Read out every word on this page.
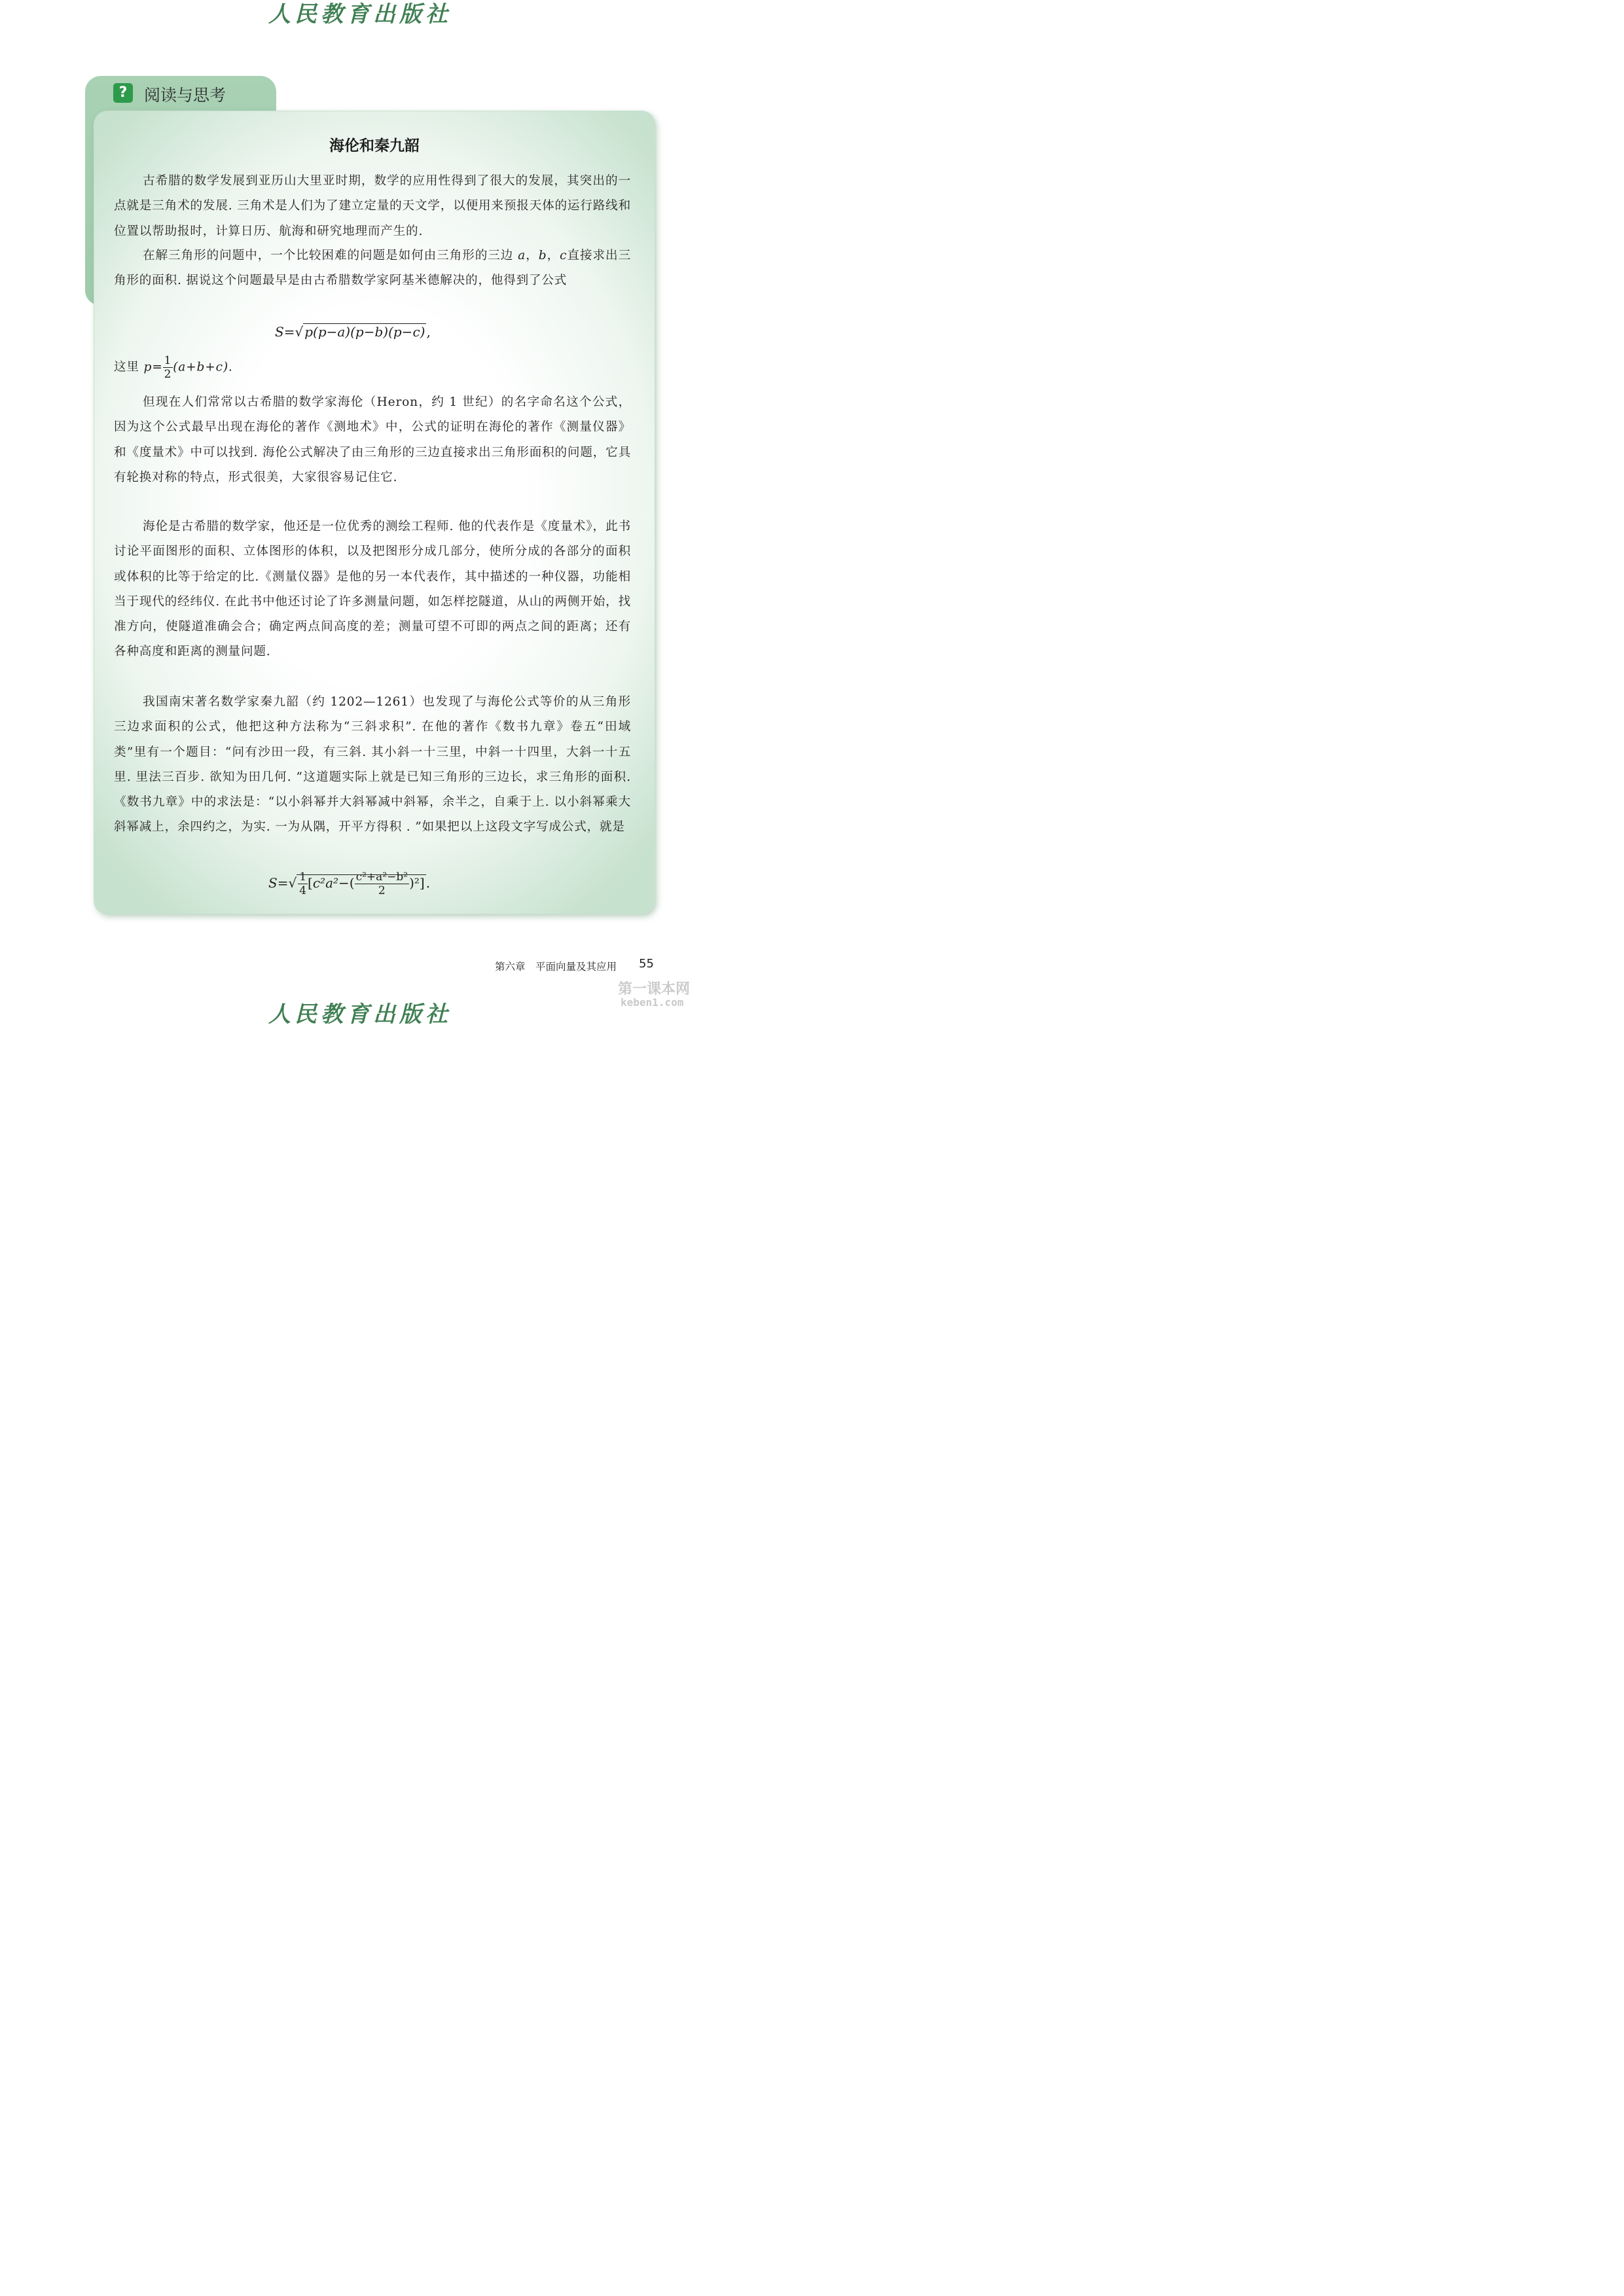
人民教育出版社
?	阅读与思考
海伦和秦九韶

古希腊的数学发展到亚历山大里亚时期，数学的应用性得到了很大的发展，其突出的一点就是三角术的发展. 三角术是人们为了建立定量的天文学，以便用来预报天体的运行路线和位置以帮助报时，计算日历、航海和研究地理而产生的.

在解三角形的问题中，一个比较困难的问题是如何由三角形的三边 a，b，c直接求出三角形的面积. 据说这个问题最早是由古希腊数学家阿基米德解决的，他得到了公式

S=√ p(p−a)(p−b)(p−c) ,
这里 $p= \frac{1}{2} (a+b+c)$.

但现在人们常常以古希腊的数学家海伦（Heron，约 1 世纪）的名字命名这个公式，因为这个公式最早出现在海伦的著作《测地术》中，公式的证明在海伦的著作《测量仪器》和《度量术》中可以找到. 海伦公式解决了由三角形的三边直接求出三角形面积的问题，它具有轮换对称的特点，形式很美，大家很容易记住它.

海伦是古希腊的数学家，他还是一位优秀的测绘工程师. 他的代表作是《度量术》，此书讨论平面图形的面积、立体图形的体积，以及把图形分成几部分，使所分成的各部分的面积或体积的比等于给定的比.《测量仪器》是他的另一本代表作，其中描述的一种仪器，功能相当于现代的经纬仪. 在此书中他还讨论了许多测量问题，如怎样挖隧道，从山的两侧开始，找准方向，使隧道准确会合；确定两点间高度的差；测量可望不可即的两点之间的距离；还有各种高度和距离的测量问题.

我国南宋著名数学家秦九韶（约 1202—1261）也发现了与海伦公式等价的从三角形三边求面积的公式，他把这种方法称为“三斜求积”. 在他的著作《数书九章》卷五“田域类”里有一个题目：“问有沙田一段，有三斜. 其小斜一十三里，中斜一十四里，大斜一十五里. 里法三百步. 欲知为田几何. ”这道题实际上就是已知三角形的三边长，求三角形的面积.《数书九章》中的求法是：“以小斜幂并大斜幂减中斜幂，余半之，自乘于上. 以小斜幂乘大斜幂减上，余四约之，为实. 一为从隅，开平方得积 . ”如果把以上这段文字写成公式，就是

$S=√ \frac{1}{4} [c^2a^2-( \frac{\text{c²+a²−b²}}{2} )^2]$ .
第六章　平面向量及其应用 55
第一课本网
keben1.com
人民教育出版社
